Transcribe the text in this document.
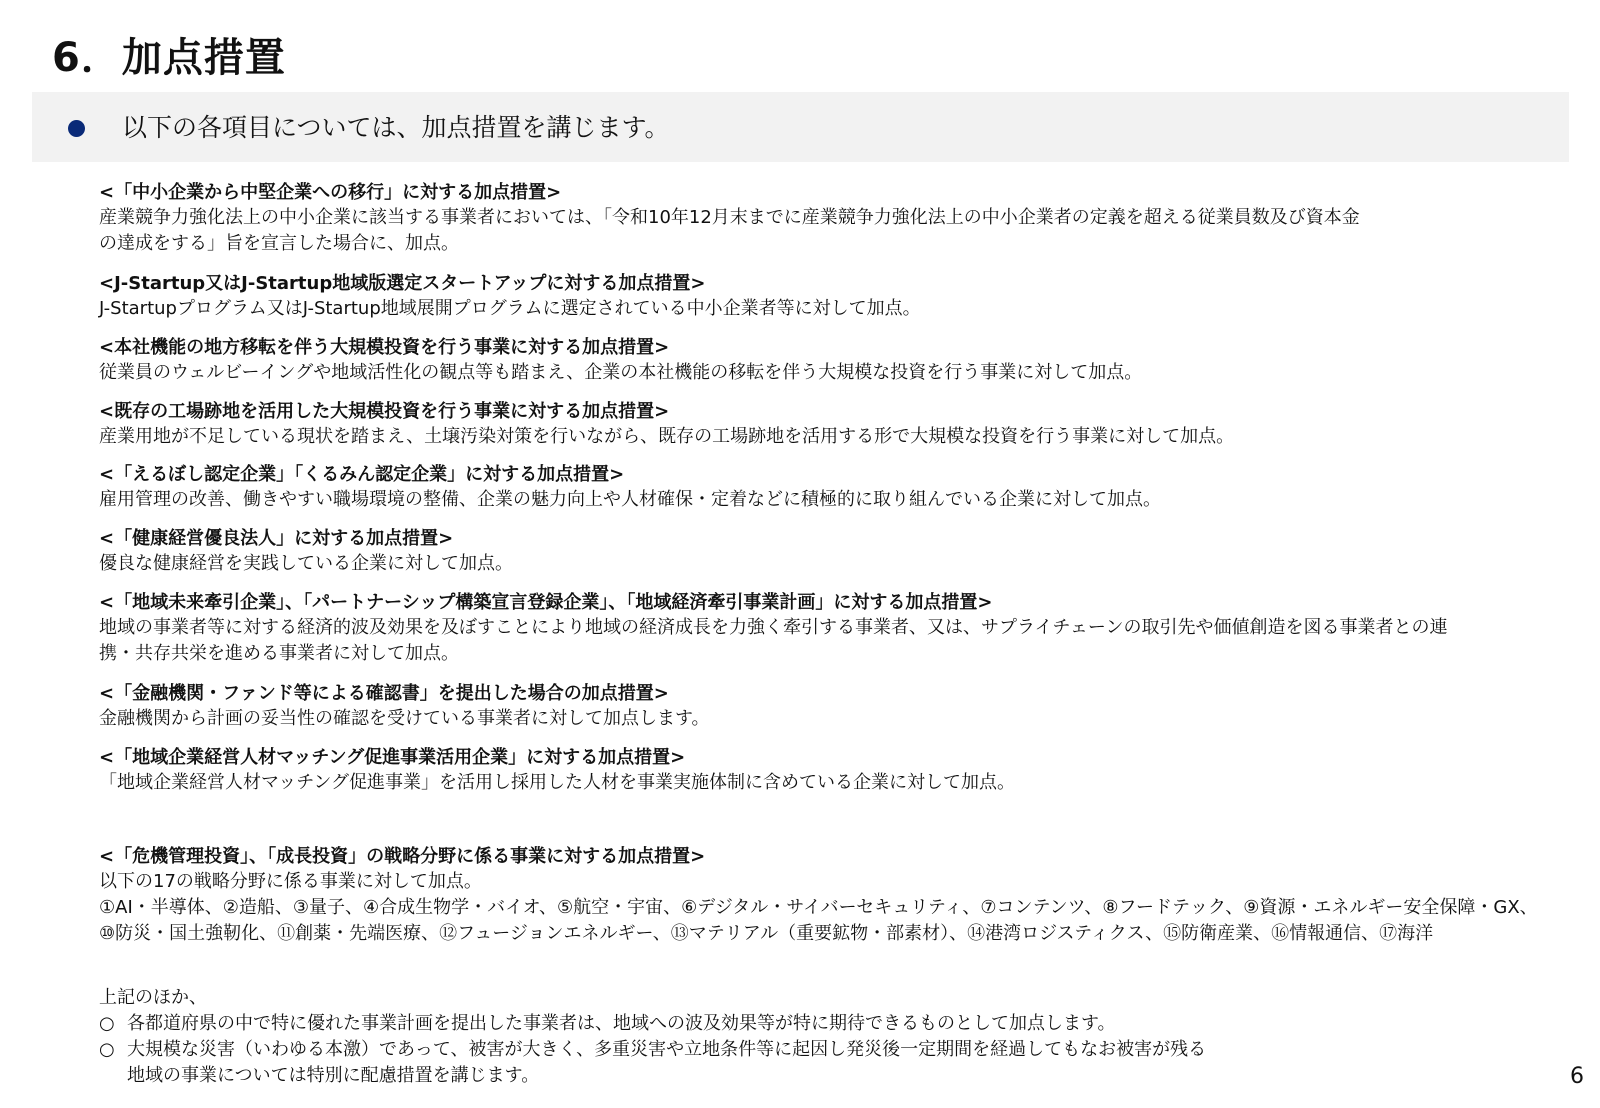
6．加点措置
以下の各項目については、加点措置を講じます。
<「中小企業から中堅企業への移行」に対する加点措置>
産業競争力強化法上の中小企業に該当する事業者においては、「令和10年12月末までに産業競争力強化法上の中小企業者の定義を超える従業員数及び資本金
の達成をする」旨を宣言した場合に、加点。
<J-Startup又はJ-Startup地域版選定スタートアップに対する加点措置>
J-Startupプログラム又はJ-Startup地域展開プログラムに選定されている中小企業者等に対して加点。
<本社機能の地方移転を伴う大規模投資を行う事業に対する加点措置>
従業員のウェルビーイングや地域活性化の観点等も踏まえ、企業の本社機能の移転を伴う大規模な投資を行う事業に対して加点。
<既存の工場跡地を活用した大規模投資を行う事業に対する加点措置>
産業用地が不足している現状を踏まえ、土壌汚染対策を行いながら、既存の工場跡地を活用する形で大規模な投資を行う事業に対して加点。
<「えるぼし認定企業」「くるみん認定企業」に対する加点措置>
雇用管理の改善、働きやすい職場環境の整備、企業の魅力向上や人材確保・定着などに積極的に取り組んでいる企業に対して加点。
<「健康経営優良法人」に対する加点措置>
優良な健康経営を実践している企業に対して加点。
<「地域未来牽引企業」、「パートナーシップ構築宣言登録企業」、「地域経済牽引事業計画」に対する加点措置>
地域の事業者等に対する経済的波及効果を及ぼすことにより地域の経済成長を力強く牽引する事業者、又は、サプライチェーンの取引先や価値創造を図る事業者との連
携・共存共栄を進める事業者に対して加点。
<「金融機関・ファンド等による確認書」を提出した場合の加点措置>
金融機関から計画の妥当性の確認を受けている事業者に対して加点します。
<「地域企業経営人材マッチング促進事業活用企業」に対する加点措置>
「地域企業経営人材マッチング促進事業」を活用し採用した人材を事業実施体制に含めている企業に対して加点。
<「危機管理投資」、「成長投資」の戦略分野に係る事業に対する加点措置>
以下の17の戦略分野に係る事業に対して加点。
①AI・半導体、②造船、③量子、④合成生物学・バイオ、⑤航空・宇宙、⑥デジタル・サイバーセキュリティ、⑦コンテンツ、⑧フードテック、⑨資源・エネルギー安全保障・GX、
⑩防災・国土強靭化、⑪創薬・先端医療、⑫フュージョンエネルギー、⑬マテリアル（重要鉱物・部素材）、⑭港湾ロジスティクス、⑮防衛産業、⑯情報通信、⑰海洋
上記のほか、
○ 各都道府県の中で特に優れた事業計画を提出した事業者は、地域への波及効果等が特に期待できるものとして加点します。
○ 大規模な災害（いわゆる本激）であって、被害が大きく、多重災害や立地条件等に起因し発災後一定期間を経過してもなお被害が残る
地域の事業については特別に配慮措置を講じます。	6
